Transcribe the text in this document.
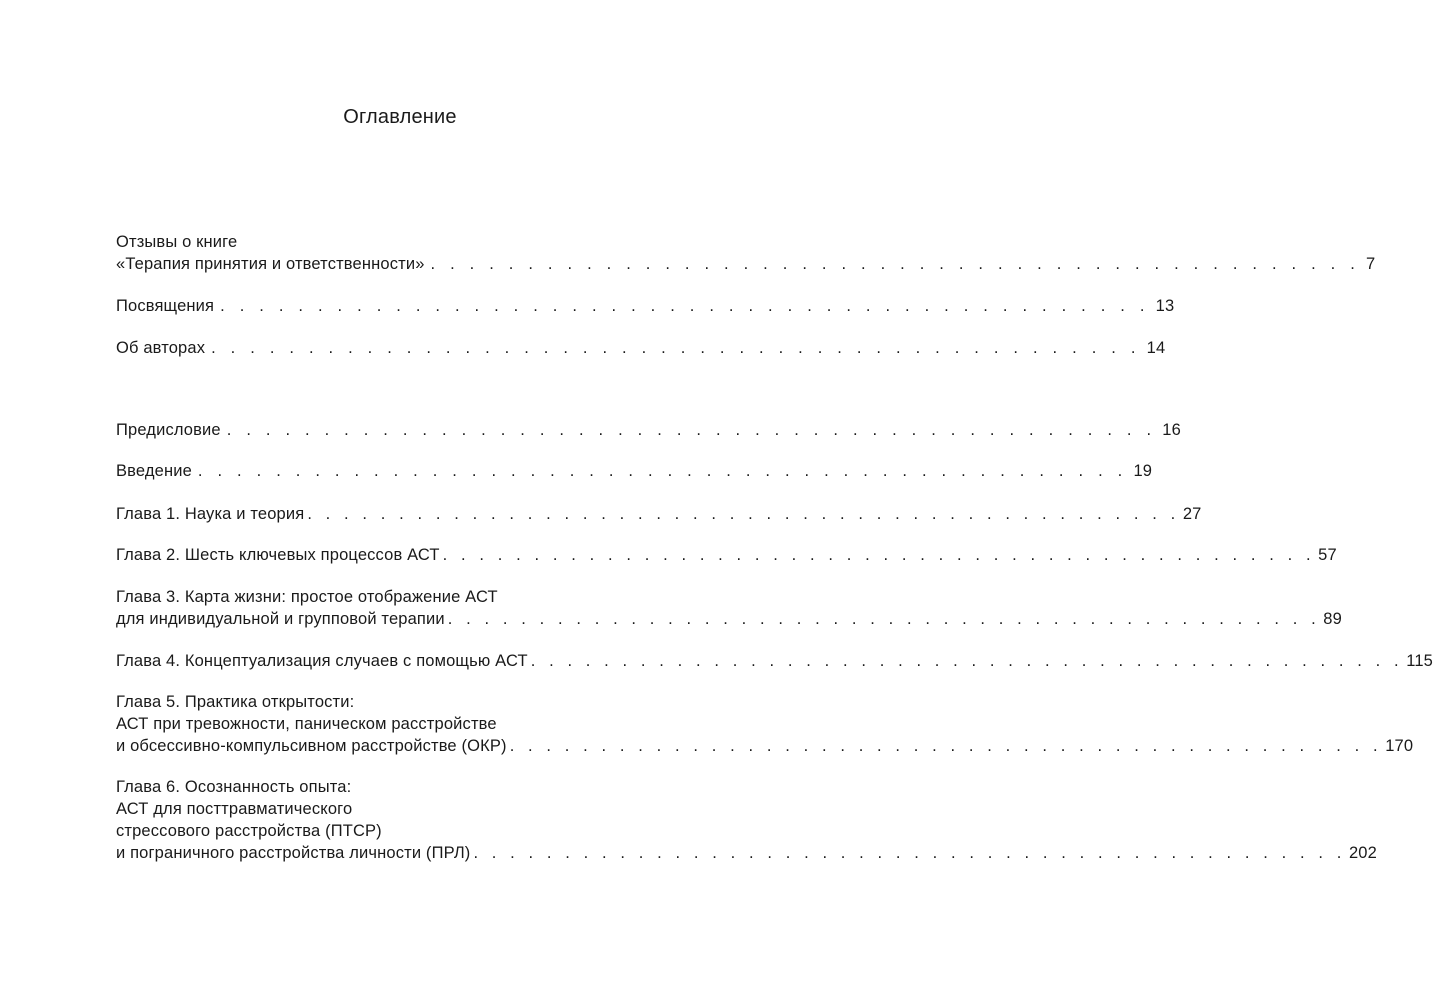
Оглавление
Отзывы о книге
«Терапия принятия и ответственности» . . . . . . . . . . . . . . . . . . . . . . . . . . . . . . . . . . . . . . . . . . . . . . . . 7
Посвящения . . . . . . . . . . . . . . . . . . . . . . . . . . . . . . . . . . . . . . . . . . . . . . . . 13
Об авторах . . . . . . . . . . . . . . . . . . . . . . . . . . . . . . . . . . . . . . . . . . . . . . . . 14
Предисловие . . . . . . . . . . . . . . . . . . . . . . . . . . . . . . . . . . . . . . . . . . . . . . . . 16
Введение . . . . . . . . . . . . . . . . . . . . . . . . . . . . . . . . . . . . . . . . . . . . . . . . 19
Глава 1. Наука и теория . . . . . . . . . . . . . . . . . . . . . . . . . . . . . . . . . . . . . . . . . . . . . . . . 27
Глава 2. Шесть ключевых процессов АСТ . . . . . . . . . . . . . . . . . . . . . . . . . . . . . . . . . . . . . . . . . . . . . . . . 57
Глава 3. Карта жизни: простое отображение АСТ
для индивидуальной и групповой терапии . . . . . . . . . . . . . . . . . . . . . . . . . . . . . . . . . . . . . . . . . . . . . . . . 89
Глава 4. Концептуализация случаев с помощью АСТ . . . . . . . . . . . . . . . . . . . . . . . . . . . . . . . . . . . . . . . . . . . . . . . . 115
Глава 5. Практика открытости:
АСТ при тревожности, паническом расстройстве
и обсессивно-компульсивном расстройстве (ОКР) . . . . . . . . . . . . . . . . . . . . . . . . . . . . . . . . . . . . . . . . . . . . . . . . 170
Глава 6. Осознанность опыта:
АСТ для посттравматического
стрессового расстройства (ПТСР)
и пограничного расстройства личности (ПРЛ) . . . . . . . . . . . . . . . . . . . . . . . . . . . . . . . . . . . . . . . . . . . . . . . . 202
